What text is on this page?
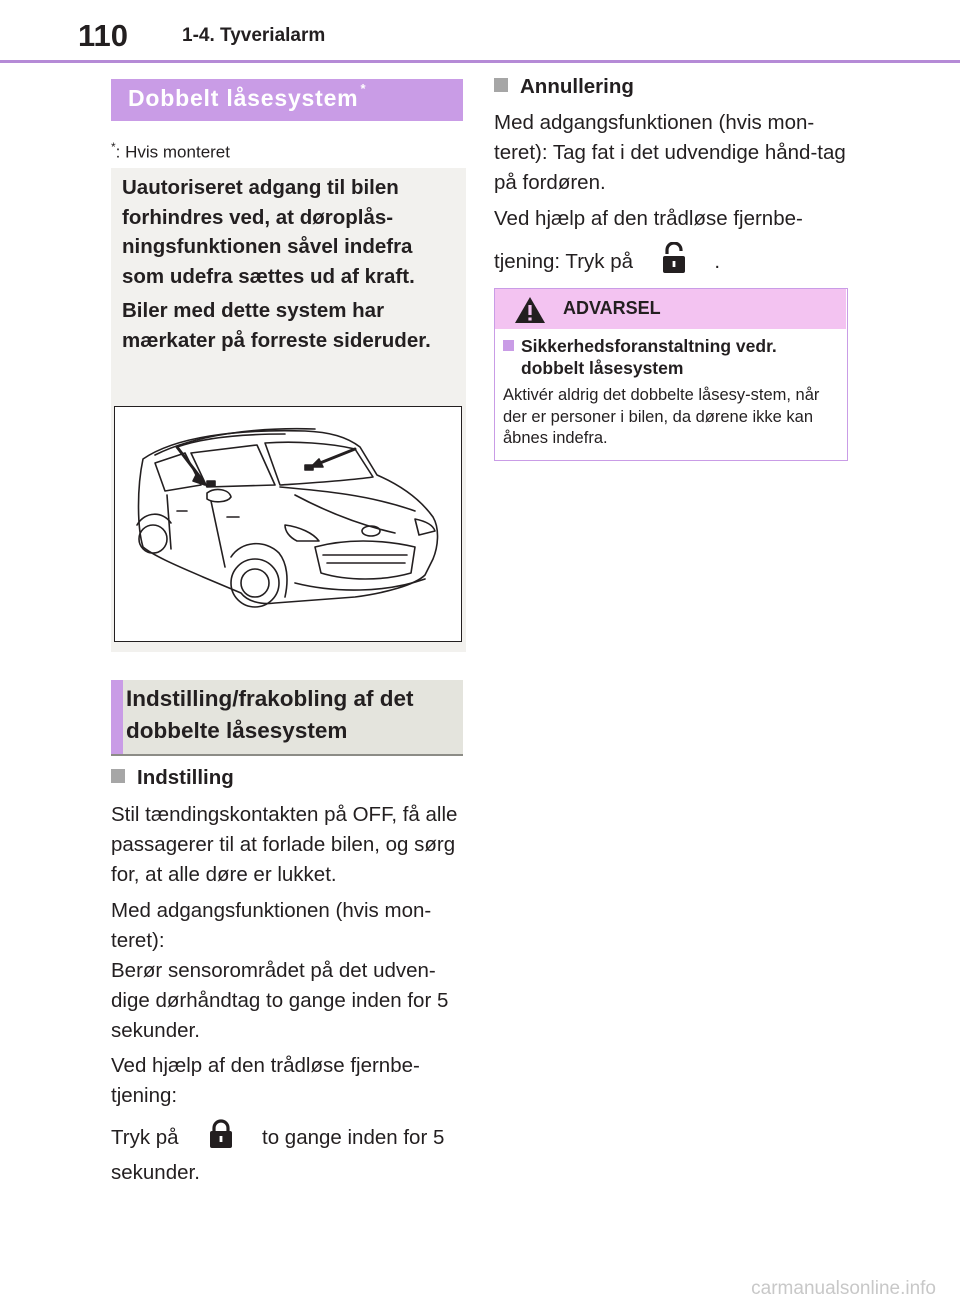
110	1-4. Tyverialarm
Dobbelt låsesystem *
*: Hvis monteret
Uautoriseret adgang til bilen forhindres ved, at døroplås-ningsfunktionen såvel indefra som udefra sættes ud af kraft.
Biler med dette system har mærkater på forreste sideruder.
Indstilling/frakobling af det dobbelte låsesystem
Indstilling
Stil tændingskontakten på OFF, få alle passagerer til at forlade bilen, og sørg for, at alle døre er lukket.
Med adgangsfunktionen (hvis mon-teret):
Berør sensorområdet på det udven-dige dørhåndtag to gange inden for 5 sekunder.
Ved hjælp af den trådløse fjernbe-tjening:
Tryk på	to gange inden for 5 sekunder.
Annullering
Med adgangsfunktionen (hvis mon-teret): Tag fat i det udvendige hånd-tag på fordøren.
Ved hjælp af den trådløse fjernbe-
tjening: Tryk på	.
ADVARSEL
Sikkerhedsforanstaltning vedr. dobbelt låsesystem
Aktivér aldrig det dobbelte låsesy-stem, når der er personer i bilen, da dørene ikke kan åbnes indefra.
carmanualsonline.info
